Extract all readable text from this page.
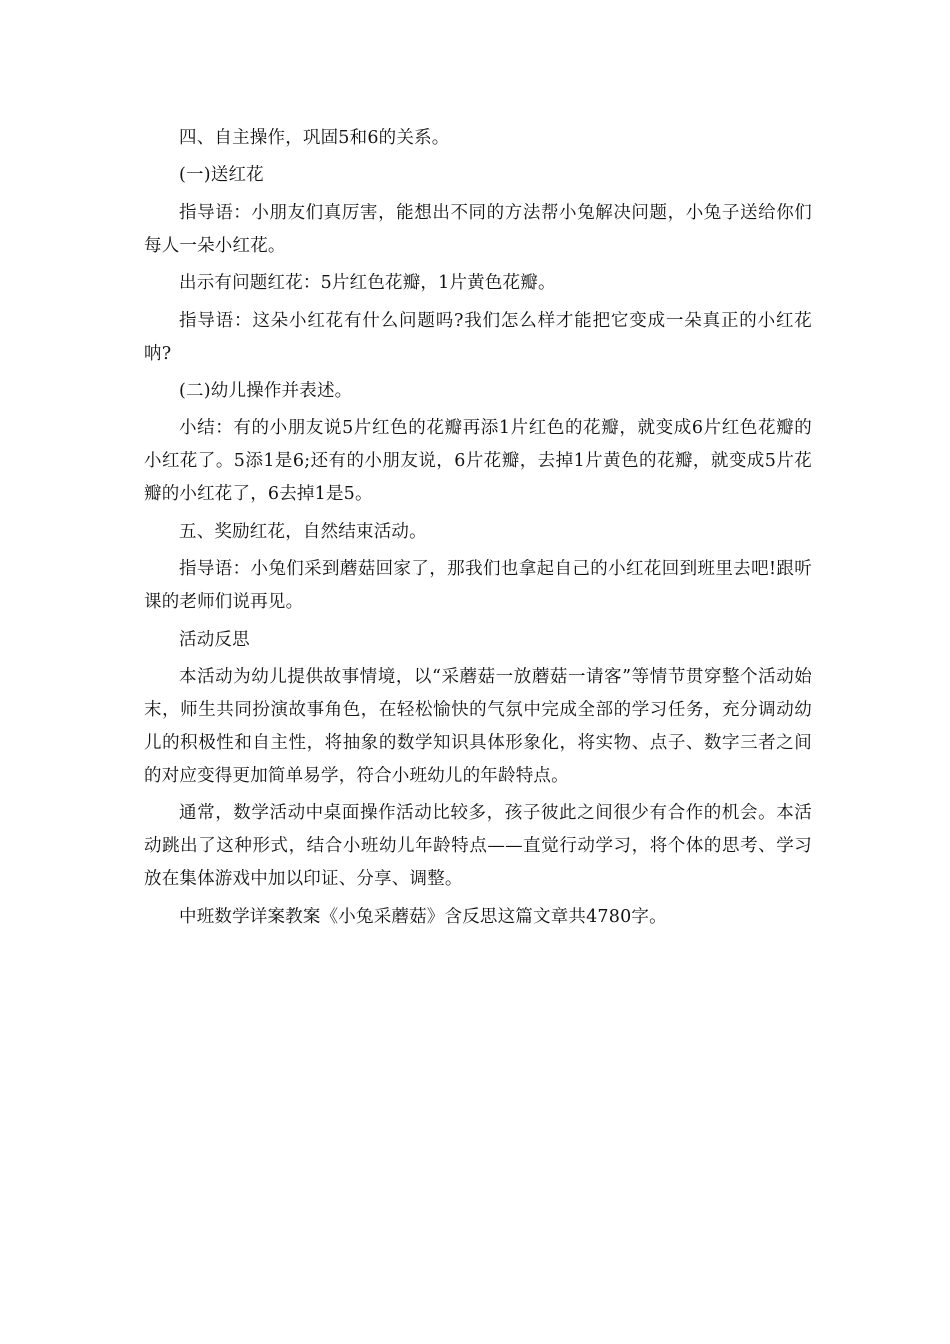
四、自主操作，巩固5和6的关系。

(一)送红花

指导语：小朋友们真厉害，能想出不同的方法帮小兔解决问题，小兔子送给你们每人一朵小红花。

出示有问题红花：5片红色花瓣，1片黄色花瓣。

指导语：这朵小红花有什么问题吗?我们怎么样才能把它变成一朵真正的小红花呐?

(二)幼儿操作并表述。

小结：有的小朋友说5片红色的花瓣再添1片红色的花瓣，就变成6片红色花瓣的小红花了。5添1是6;还有的小朋友说，6片花瓣，去掉1片黄色的花瓣，就变成5片花瓣的小红花了，6去掉1是5。

五、奖励红花，自然结束活动。

指导语：小兔们采到蘑菇回家了，那我们也拿起自己的小红花回到班里去吧!跟听课的老师们说再见。

活动反思

本活动为幼儿提供故事情境，以“采蘑菇一放蘑菇一请客”等情节贯穿整个活动始末，师生共同扮演故事角色，在轻松愉快的气氛中完成全部的学习任务，充分调动幼儿的积极性和自主性，将抽象的数学知识具体形象化，将实物、点子、数字三者之间的对应变得更加简单易学，符合小班幼儿的年龄特点。

通常，数学活动中桌面操作活动比较多，孩子彼此之间很少有合作的机会。本活动跳出了这种形式，结合小班幼儿年龄特点——直觉行动学习，将个体的思考、学习放在集体游戏中加以印证、分享、调整。

中班数学详案教案《小兔采蘑菇》含反思这篇文章共4780字。
